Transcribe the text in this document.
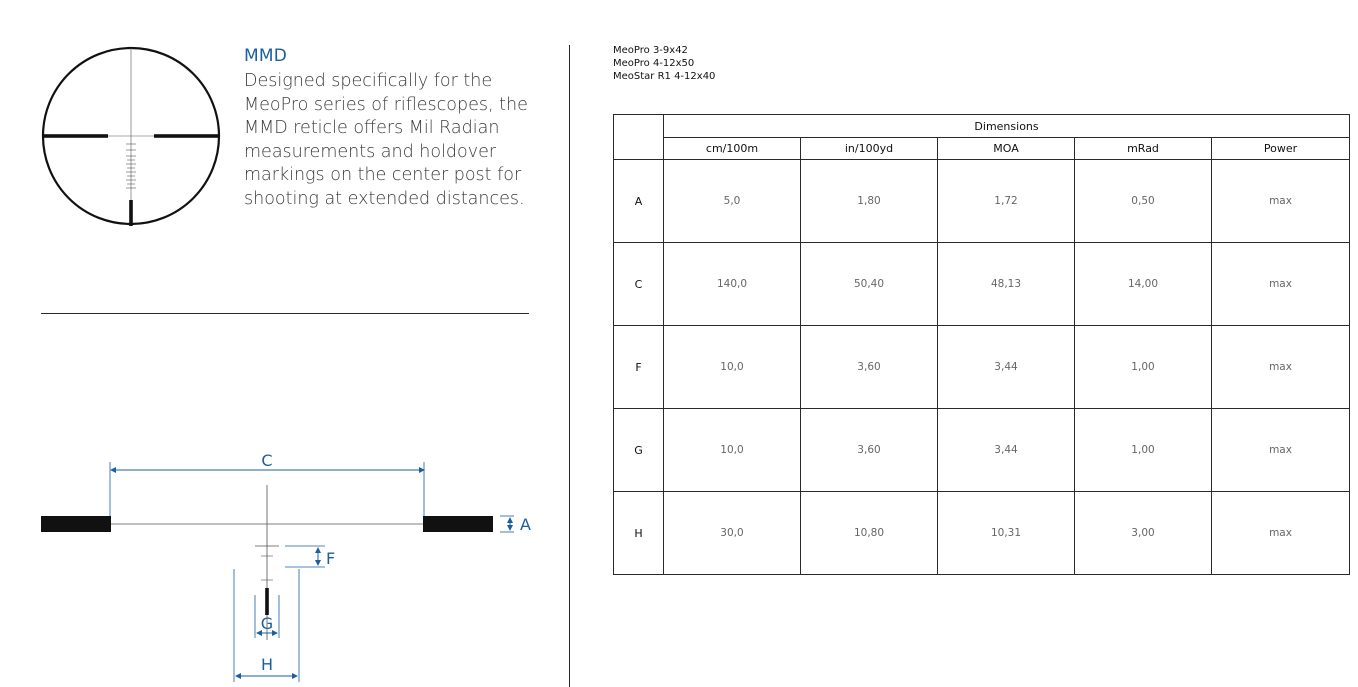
MMD
Designed specifically for the MeoPro series of riflescopes, the MMD reticle offers Mil Radian measurements and holdover markings on the center post for shooting at extended distances.
C
A
F
H
G
MeoPro 3-9x42
MeoPro 4-12x50
MeoStar R1 4-12x40
	Dimensions				
	cm/100m	in/100yd	MOA	mRad	Power
A	5,0	1,80	1,72	0,50	max
C	140,0	50,40	48,13	14,00	max
F	10,0	3,60	3,44	1,00	max
G	10,0	3,60	3,44	1,00	max
H	30,0	10,80	10,31	3,00	max
